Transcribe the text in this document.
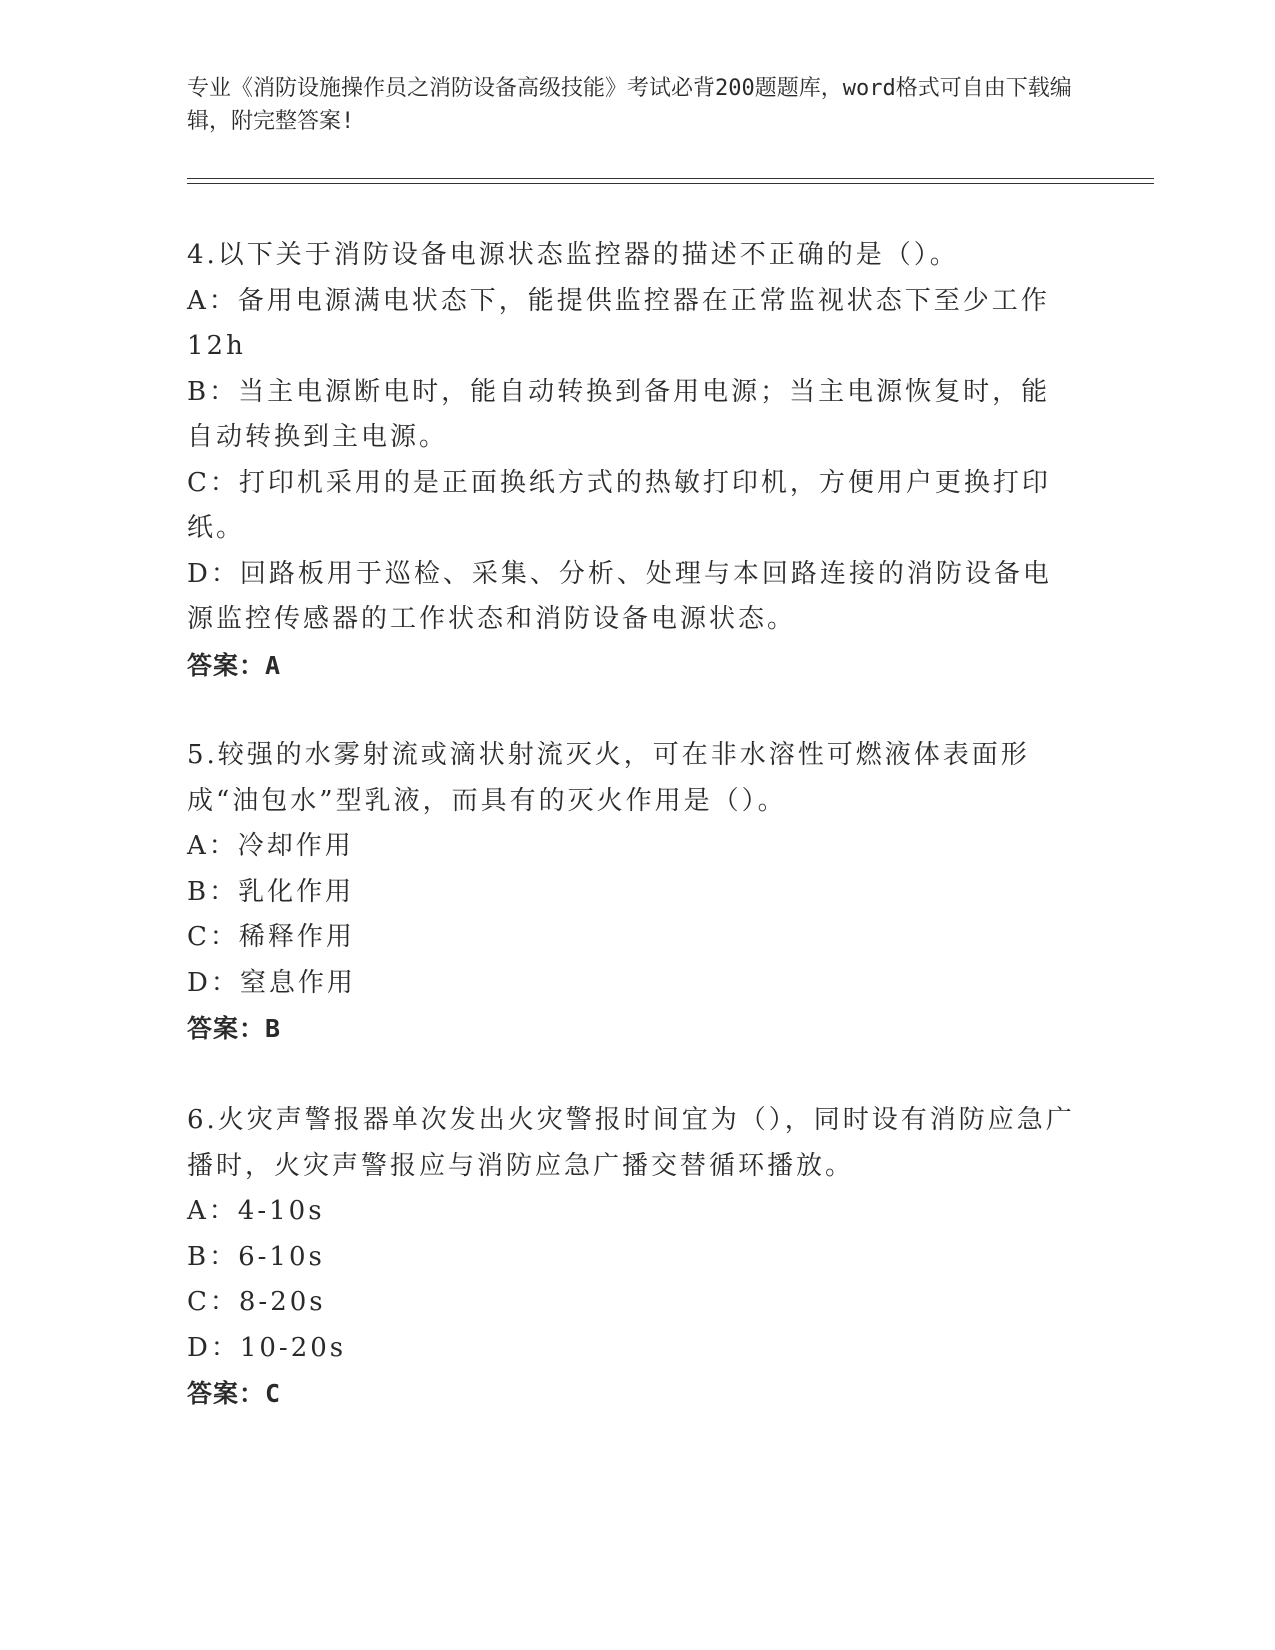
专业《消防设施操作员之消防设备高级技能》考试必背200题题库，word格式可自由下载编辑，附完整答案!
4.以下关于消防设备电源状态监控器的描述不正确的是（）。
A：备用电源满电状态下，能提供监控器在正常监视状态下至少工作12h
B：当主电源断电时，能自动转换到备用电源；当主电源恢复时，能自动转换到主电源。
C：打印机采用的是正面换纸方式的热敏打印机，方便用户更换打印纸。
D：回路板用于巡检、采集、分析、处理与本回路连接的消防设备电源监控传感器的工作状态和消防设备电源状态。
答案：A
5.较强的水雾射流或滴状射流灭火，可在非水溶性可燃液体表面形成“油包水”型乳液，而具有的灭火作用是（）。
A：冷却作用
B：乳化作用
C：稀释作用
D：窒息作用
答案：B
6.火灾声警报器单次发出火灾警报时间宜为（），同时设有消防应急广播时，火灾声警报应与消防应急广播交替循环播放。
A：4-10s
B：6-10s
C：8-20s
D：10-20s
答案：C
